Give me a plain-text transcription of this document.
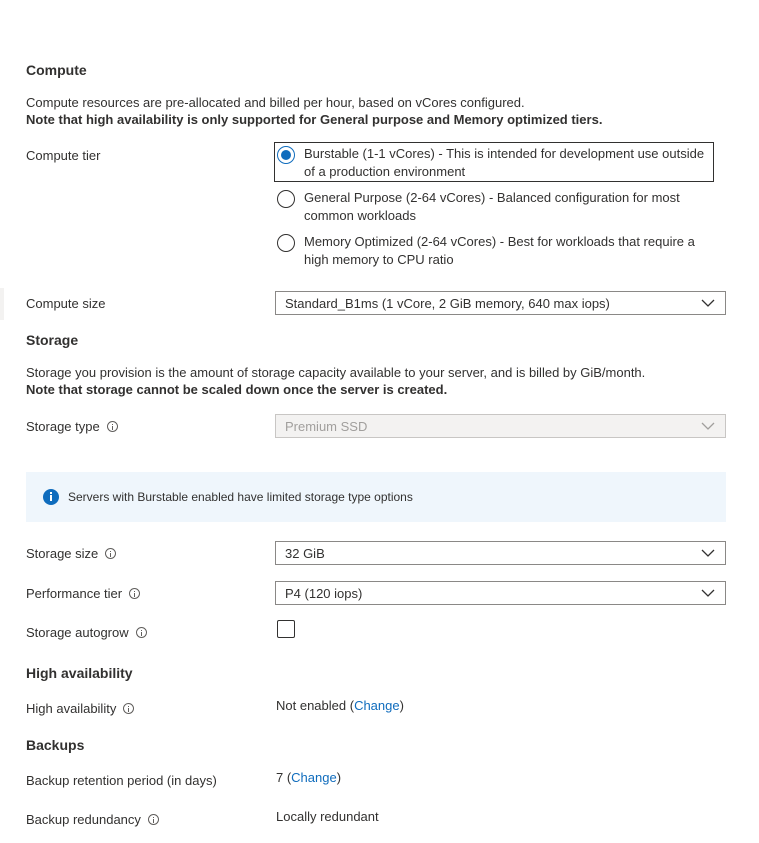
Compute
Compute resources are pre-allocated and billed per hour, based on vCores configured.
Note that high availability is only supported for General purpose and Memory optimized tiers.
Compute tier	Burstable (1-1 vCores) - This is intended for development use outside
of a production environment
General Purpose (2-64 vCores) - Balanced configuration for most
common workloads
Memory Optimized (2-64 vCores) - Best for workloads that require a
high memory to CPU ratio
Compute size	Standard_B1ms (1 vCore, 2 GiB memory, 640 max iops)
Storage
Storage you provision is the amount of storage capacity available to your server, and is billed by GiB/month.
Note that storage cannot be scaled down once the server is created.
Storage type	Premium SSD
Servers with Burstable enabled have limited storage type options
Storage size	32 GiB
Performance tier	P4 (120 iops)
Storage autogrow
High availability
High availability	Not enabled (Change)
Backups
Backup retention period (in days)	7 (Change)
Backup redundancy	Locally redundant
